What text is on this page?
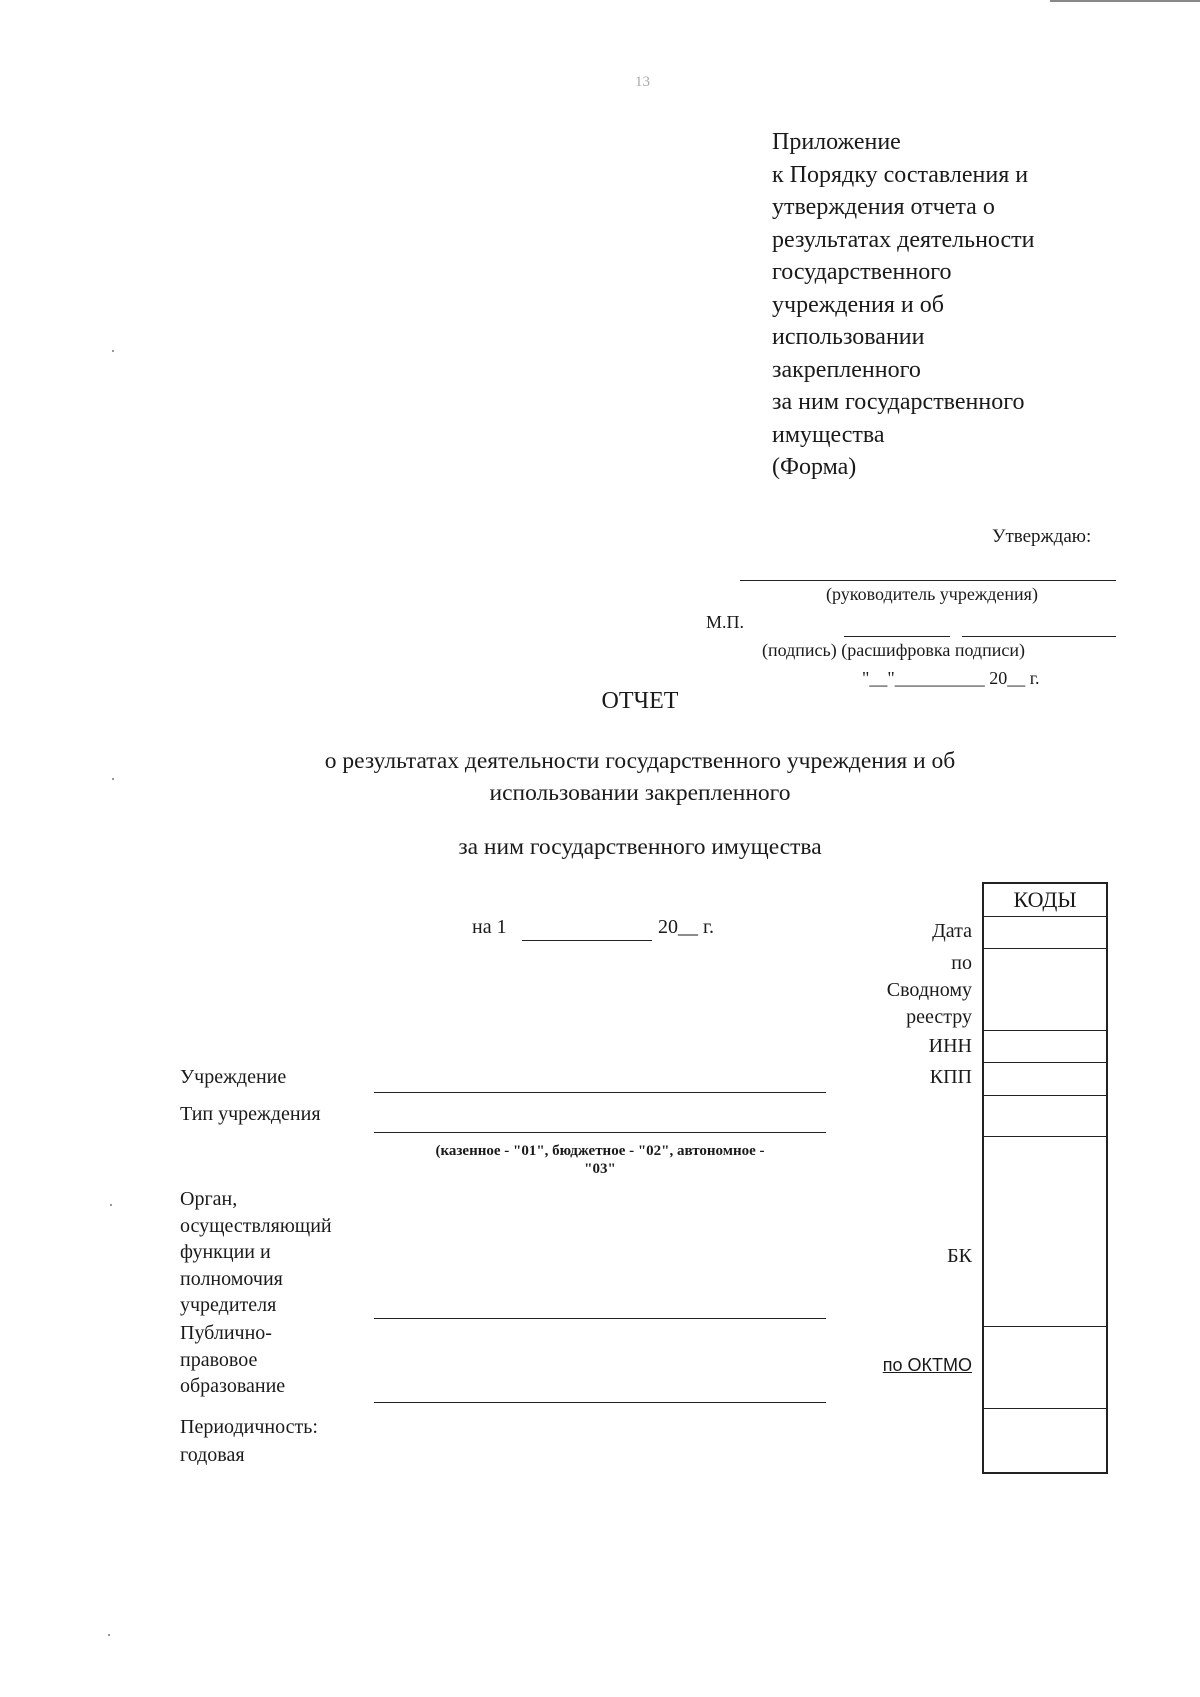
13
Приложение
к Порядку составления и
утверждения отчета о
результатах деятельности
государственного
учреждения и об
использовании
закрепленного
за ним государственного
имущества
(Форма)
Утверждаю:
(руководитель учреждения)
М.П.
(подпись) (расшифровка подписи)
"__"__________ 20__ г.
ОТЧЕТ
о результатах деятельности государственного учреждения и об
использовании закрепленного
за ним государственного имущества
на 1	20__ г.
КОДЫ
Дата
по
Сводному
реестру
ИНН
КПП
БК
по ОКТМО
Учреждение
Тип учреждения
(казенное - "01", бюджетное - "02", автономное -
"03"
Орган,
осуществляющий
функции и
полномочия
учредителя
Публично-
правовое
образование
Периодичность:
годовая
